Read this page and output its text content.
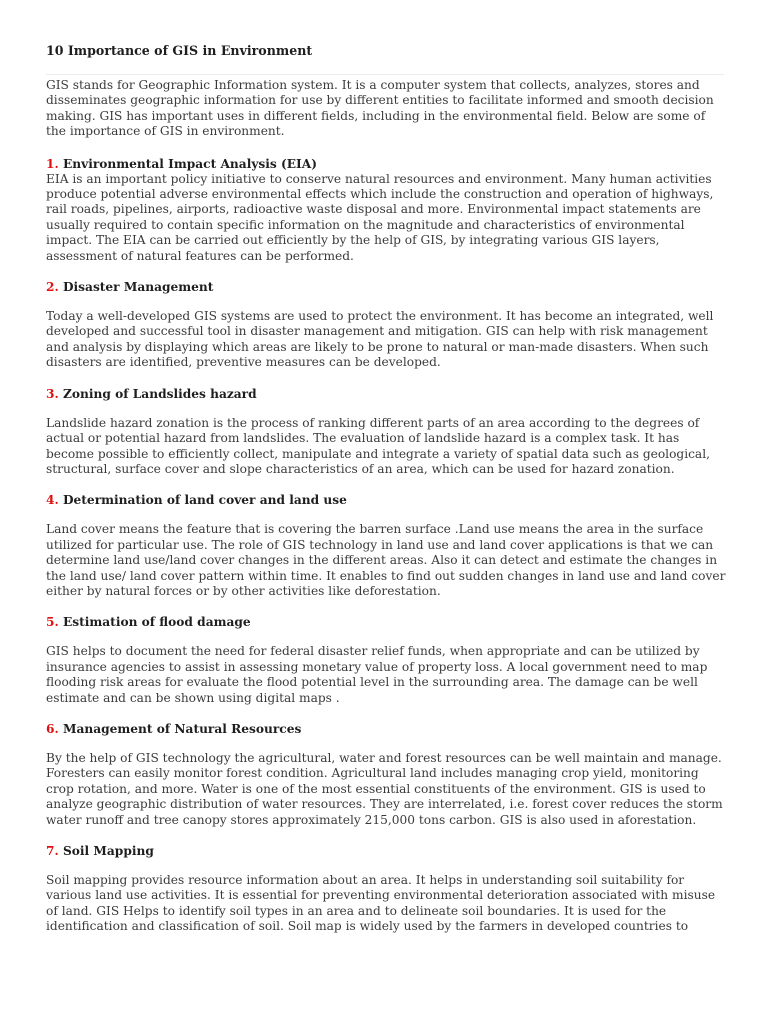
10 Importance of GIS in Environment

GIS stands for Geographic Information system. It is a computer system that collects, analyzes, stores and disseminates geographic information for use by different entities to facilitate informed and smooth decision making. GIS has important uses in different fields, including in the environmental field. Below are some of the importance of GIS in environment.

1. Environmental Impact Analysis (EIA)

EIA is an important policy initiative to conserve natural resources and environment. Many human activities produce potential adverse environmental effects which include the construction and operation of highways, rail roads, pipelines, airports, radioactive waste disposal and more. Environmental impact statements are usually required to contain specific information on the magnitude and characteristics of environmental impact. The EIA can be carried out efficiently by the help of GIS, by integrating various GIS layers, assessment of natural features can be performed.

2. Disaster Management

Today a well-developed GIS systems are used to protect the environment. It has become an integrated, well developed and successful tool in disaster management and mitigation. GIS can help with risk management and analysis by displaying which areas are likely to be prone to natural or man-made disasters. When such disasters are identified, preventive measures can be developed.

3. Zoning of Landslides hazard

Landslide hazard zonation is the process of ranking different parts of an area according to the degrees of actual or potential hazard from landslides. The evaluation of landslide hazard is a complex task. It has become possible to efficiently collect, manipulate and integrate a variety of spatial data such as geological, structural, surface cover and slope characteristics of an area, which can be used for hazard zonation.

4. Determination of land cover and land use

Land cover means the feature that is covering the barren surface .Land use means the area in the surface utilized for particular use. The role of GIS technology in land use and land cover applications is that we can determine land use/land cover changes in the different areas. Also it can detect and estimate the changes in the land use/ land cover pattern within time. It enables to find out sudden changes in land use and land cover either by natural forces or by other activities like deforestation.

5. Estimation of flood damage

GIS helps to document the need for federal disaster relief funds, when appropriate and can be utilized by insurance agencies to assist in assessing monetary value of property loss. A local government need to map flooding risk areas for evaluate the flood potential level in the surrounding area. The damage can be well estimate and can be shown using digital maps .

6. Management of Natural Resources

By the help of GIS technology the agricultural, water and forest resources can be well maintain and manage. Foresters can easily monitor forest condition. Agricultural land includes managing crop yield, monitoring crop rotation, and more. Water is one of the most essential constituents of the environment. GIS is used to analyze geographic distribution of water resources. They are interrelated, i.e. forest cover reduces the storm water runoff and tree canopy stores approximately 215,000 tons carbon. GIS is also used in aforestation.

7. Soil Mapping

Soil mapping provides resource information about an area. It helps in understanding soil suitability for various land use activities. It is essential for preventing environmental deterioration associated with misuse of land. GIS Helps to identify soil types in an area and to delineate soil boundaries. It is used for the identification and classification of soil. Soil map is widely used by the farmers in developed countries to
